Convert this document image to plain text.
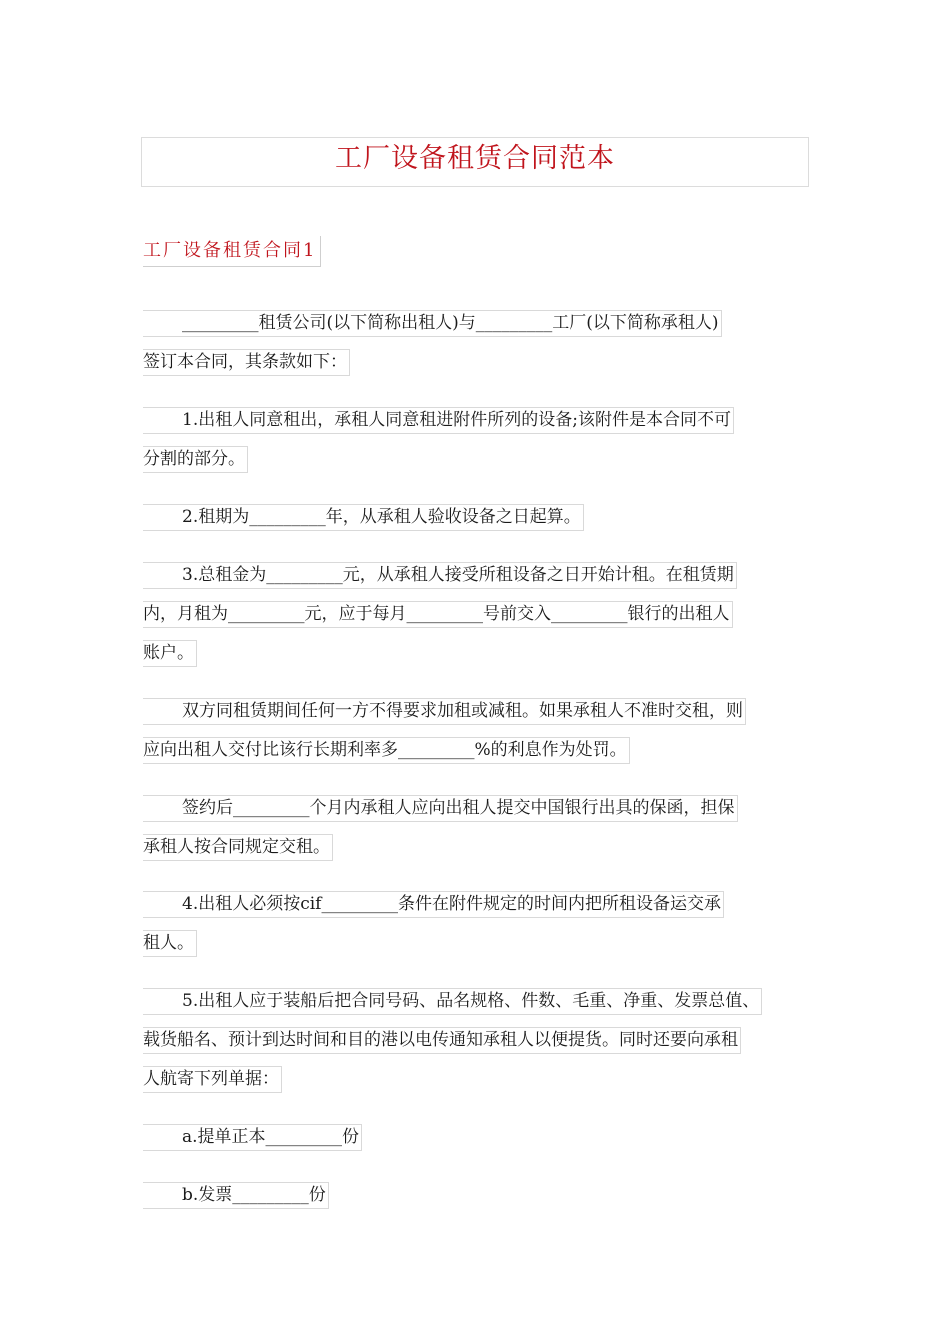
工厂设备租赁合同范本
工厂设备租赁合同1
_________租赁公司(以下简称出租人)与_________工厂(以下简称承租人)
签订本合同，其条款如下：
1.出租人同意租出，承租人同意租进附件所列的设备;该附件是本合同不可
分割的部分。
2.租期为_________年，从承租人验收设备之日起算。
3.总租金为_________元，从承租人接受所租设备之日开始计租。在租赁期
内，月租为_________元，应于每月_________号前交入_________银行的出租人
账户。
双方同租赁期间任何一方不得要求加租或减租。如果承租人不准时交租，则
应向出租人交付比该行长期利率多_________%的利息作为处罚。
签约后_________个月内承租人应向出租人提交中国银行出具的保函，担保
承租人按合同规定交租。
4.出租人必须按cif_________条件在附件规定的时间内把所租设备运交承
租人。
5.出租人应于装船后把合同号码、品名规格、件数、毛重、净重、发票总值、
载货船名、预计到达时间和目的港以电传通知承租人以便提货。同时还要向承租
人航寄下列单据：
a.提单正本_________份
b.发票_________份
